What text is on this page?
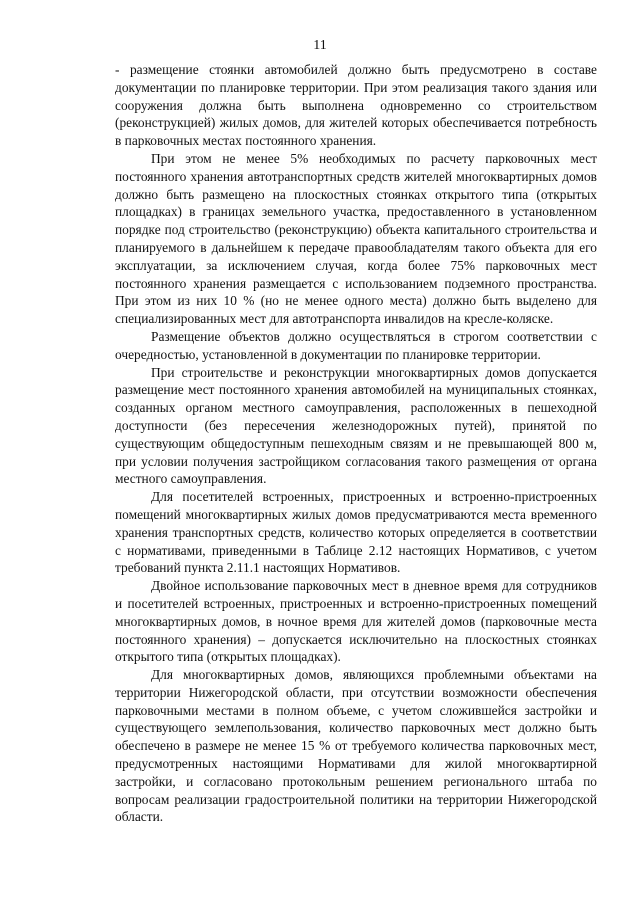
11

- размещение стоянки автомобилей должно быть предусмотрено в составе документации по планировке территории. При этом реализация такого здания или сооружения должна быть выполнена одновременно со строительством (реконструкцией) жилых домов, для жителей которых обеспечивается потребность в парковочных местах постоянного хранения.

При этом не менее 5% необходимых по расчету парковочных мест постоянного хранения автотранспортных средств жителей многоквартирных домов должно быть размещено на плоскостных стоянках открытого типа (открытых площадках) в границах земельного участка, предоставленного в установленном порядке под строительство (реконструкцию) объекта капитального строительства и планируемого в дальнейшем к передаче правообладателям такого объекта для его эксплуатации, за исключением случая, когда более 75% парковочных мест постоянного хранения размещается с использованием подземного пространства. При этом из них 10 % (но не менее одного места) должно быть выделено для специализированных мест для автотранспорта инвалидов на кресле-коляске.

Размещение объектов должно осуществляться в строгом соответствии с очередностью, установленной в документации по планировке территории.

При строительстве и реконструкции многоквартирных домов допускается размещение мест постоянного хранения автомобилей на муниципальных стоянках, созданных органом местного самоуправления, расположенных в пешеходной доступности (без пересечения железнодорожных путей), принятой по существующим общедоступным пешеходным связям и не превышающей 800 м, при условии получения застройщиком согласования такого размещения от органа местного самоуправления.

Для посетителей встроенных, пристроенных и встроенно-пристроенных помещений многоквартирных жилых домов предусматриваются места временного хранения транспортных средств, количество которых определяется в соответствии с нормативами, приведенными в Таблице 2.12 настоящих Нормативов, с учетом требований пункта 2.11.1 настоящих Нормативов.

Двойное использование парковочных мест в дневное время для сотрудников и посетителей встроенных, пристроенных и встроенно-пристроенных помещений многоквартирных домов, в ночное время для жителей домов (парковочные места постоянного хранения) – допускается исключительно на плоскостных стоянках открытого типа (открытых площадках).

Для многоквартирных домов, являющихся проблемными объектами на территории Нижегородской области, при отсутствии возможности обеспечения парковочными местами в полном объеме, с учетом сложившейся застройки и существующего землепользования, количество парковочных мест должно быть обеспечено в размере не менее 15 % от требуемого количества парковочных мест, предусмотренных настоящими Нормативами для жилой многоквартирной застройки, и согласовано протокольным решением регионального штаба по вопросам реализации градостроительной политики на территории Нижегородской области.
